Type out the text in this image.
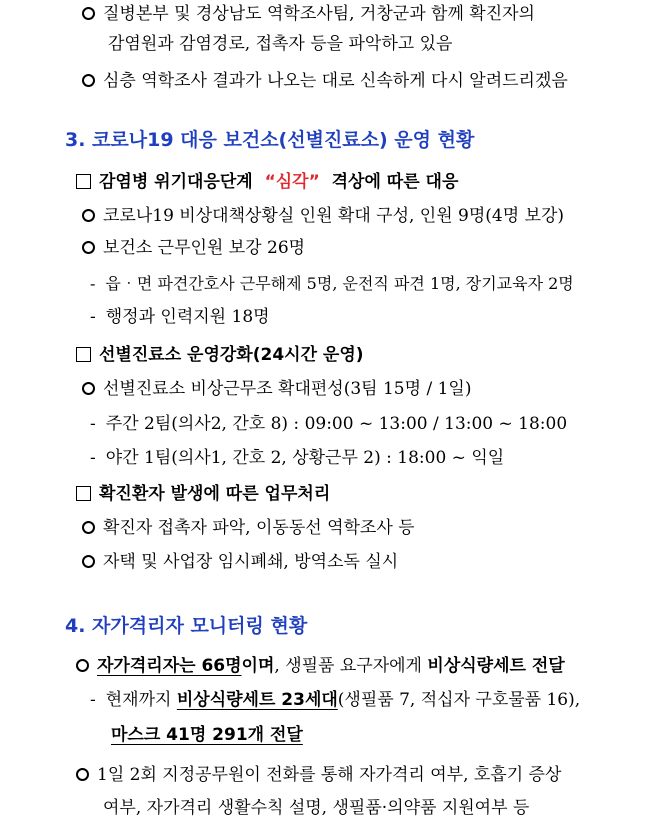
질병본부 및 경상남도 역학조사팀, 거창군과 함께 확진자의
감염원과 감염경로, 접촉자 등을 파악하고 있음
심층 역학조사 결과가 나오는 대로 신속하게 다시 알려드리겠음
3. 코로나19 대응 보건소(선별진료소) 운영 현황
감염병 위기대응단계 “심각” 격상에 따른 대응
코로나19 비상대책상황실 인원 확대 구성, 인원 9명(4명 보강)
보건소 근무인원 보강 26명
- 읍‧면 파견간호사 근무해제 5명, 운전직 파견 1명, 장기교육자 2명
- 행정과 인력지원 18명
선별진료소 운영강화(24시간 운영)
선별진료소 비상근무조 확대편성(3팀 15명 / 1일)
- 주간 2팀(의사2, 간호 8) : 09:00 ~ 13:00 / 13:00 ~ 18:00
- 야간 1팀(의사1, 간호 2, 상황근무 2) : 18:00 ~ 익일
확진환자 발생에 따른 업무처리
확진자 접촉자 파악, 이동동선 역학조사 등
자택 및 사업장 임시폐쇄, 방역소독 실시
4. 자가격리자 모니터링 현황
자가격리자는 66명이며, 생필품 요구자에게 비상식량세트 전달
- 현재까지 비상식량세트 23세대(생필품 7, 적십자 구호물품 16),
마스크 41명 291개 전달
1일 2회 지정공무원이 전화를 통해 자가격리 여부, 호흡기 증상
여부, 자가격리 생활수칙 설명, 생필품·의약품 지원여부 등
